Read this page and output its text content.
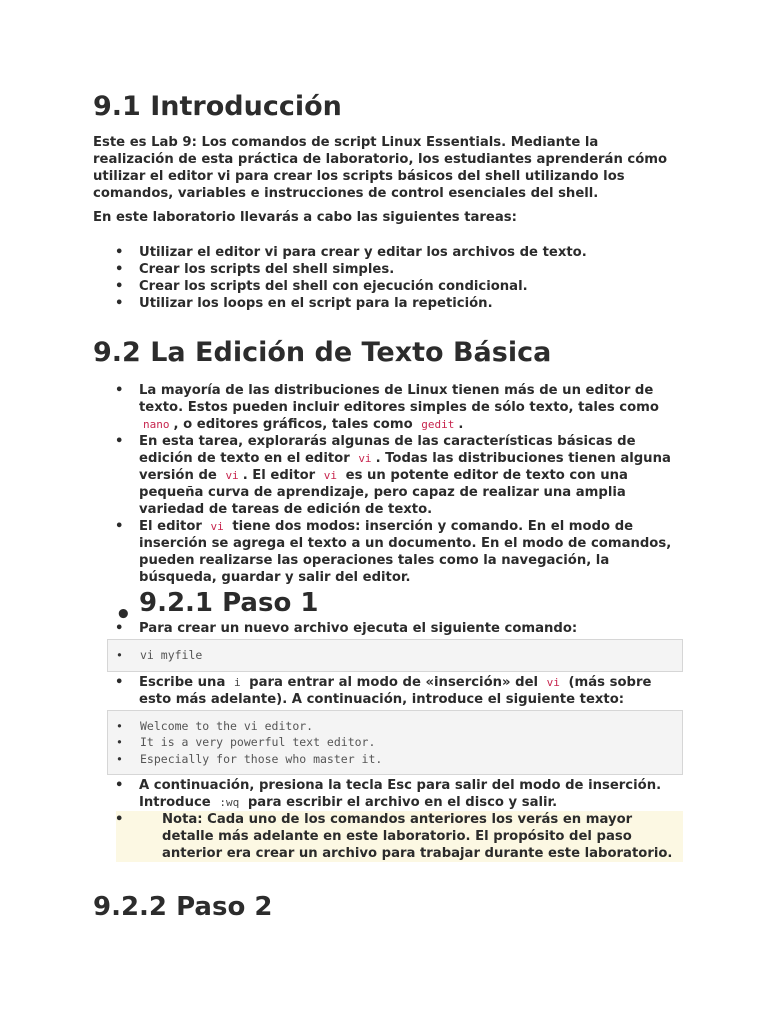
9.1 Introducción

Este es Lab 9: Los comandos de script Linux Essentials. Mediante la realización de esta práctica de laboratorio, los estudiantes aprenderán cómo utilizar el editor vi para crear los scripts básicos del shell utilizando los comandos, variables e instrucciones de control esenciales del shell.

En este laboratorio llevarás a cabo las siguientes tareas:

• Utilizar el editor vi para crear y editar los archivos de texto.
• Crear los scripts del shell simples.
• Crear los scripts del shell con ejecución condicional.
• Utilizar los loops en el script para la repetición.
9.2 La Edición de Texto Básica
• La mayoría de las distribuciones de Linux tienen más de un editor de texto. Estos pueden incluir editores simples de sólo texto, tales como nano , o editores gráficos, tales como gedit .
• En esta tarea, explorarás algunas de las características básicas de edición de texto en el editor vi . Todas las distribuciones tienen alguna versión de vi . El editor vi es un potente editor de texto con una pequeña curva de aprendizaje, pero capaz de realizar una amplia variedad de tareas de edición de texto.
• El editor vi tiene dos modos: inserción y comando. En el modo de inserción se agrega el texto a un documento. En el modo de comandos, pueden realizarse las operaciones tales como la navegación, la búsqueda, guardar y salir del editor.
• 9.2.1 Paso 1
• Para crear un nuevo archivo ejecuta el siguiente comando:
• vi myfile
• Escribe una i para entrar al modo de «inserción» del vi (más sobre esto más adelante). A continuación, introduce el siguiente texto:
• Welcome to the vi editor.
• It is a very powerful text editor.
• Especially for those who master it.
• A continuación, presiona la tecla Esc para salir del modo de inserción. Introduce :wq para escribir el archivo en el disco y salir.
• Nota: Cada uno de los comandos anteriores los verás en mayor detalle más adelante en este laboratorio. El propósito del paso anterior era crear un archivo para trabajar durante este laboratorio.
9.2.2 Paso 2
